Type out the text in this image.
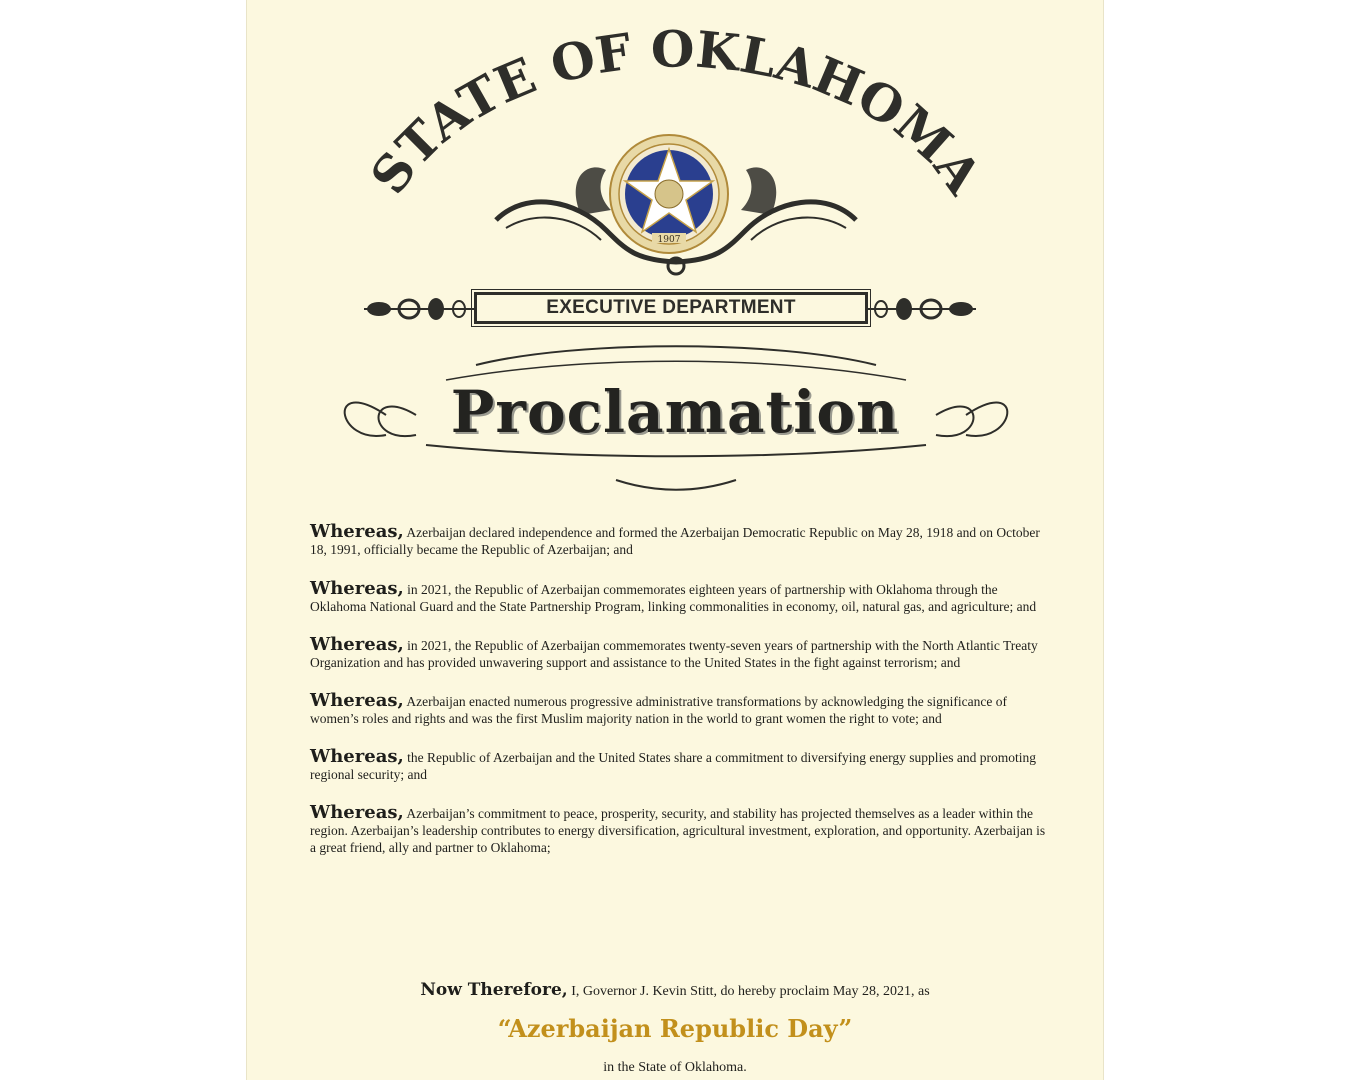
STATE OF OKLAHOMA
1907
EXECUTIVE DEPARTMENT
Proclamation

Whereas, Azerbaijan declared independence and formed the Azerbaijan Democratic Republic on May 28, 1918 and on October 18, 1991, officially became the Republic of Azerbaijan; and

Whereas, in 2021, the Republic of Azerbaijan commemorates eighteen years of partnership with Oklahoma through the Oklahoma National Guard and the State Partnership Program, linking commonalities in economy, oil, natural gas, and agriculture; and

Whereas, in 2021, the Republic of Azerbaijan commemorates twenty-seven years of partnership with the North Atlantic Treaty Organization and has provided unwavering support and assistance to the United States in the fight against terrorism; and

Whereas, Azerbaijan enacted numerous progressive administrative transformations by acknowledging the significance of women’s roles and rights and was the first Muslim majority nation in the world to grant women the right to vote; and

Whereas, the Republic of Azerbaijan and the United States share a commitment to diversifying energy supplies and promoting regional security; and

Whereas, Azerbaijan’s commitment to peace, prosperity, security, and stability has projected themselves as a leader within the region. Azerbaijan’s leadership contributes to energy diversification, agricultural investment, exploration, and opportunity. Azerbaijan is a great friend, ally and partner to Oklahoma;

Now Therefore, I, Governor J. Kevin Stitt, do hereby proclaim May 28, 2021, as
“Azerbaijan Republic Day”
in the State of Oklahoma.
